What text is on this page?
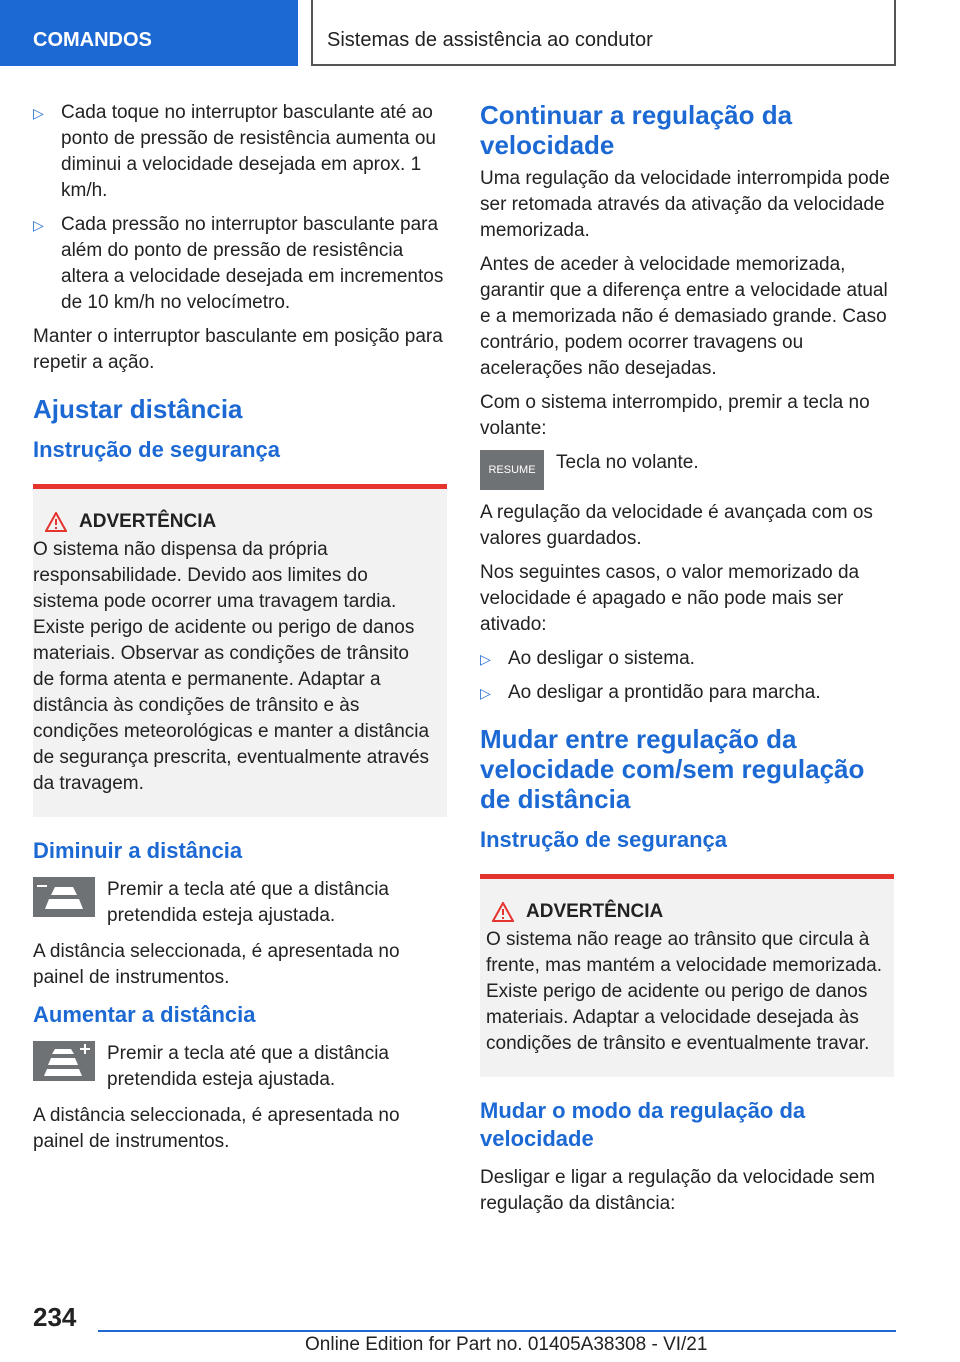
COMANDOS	Sistemas de assistência ao condutor
▷ Cada toque no interruptor basculante até ao ponto de pressão de resistência aumenta ou diminui a velocidade desejada em aprox. 1 km/h.
▷ Cada pressão no interruptor basculante para além do ponto de pressão de resistência altera a velocidade desejada em incrementos de 10 km/h no velocímetro.

Manter o interruptor basculante em posição para repetir a ação.

Ajustar distância
Instrução de segurança
ADVERTÊNCIA

O sistema não dispensa da própria responsabilidade. Devido aos limites do sistema pode ocorrer uma travagem tardia. Existe perigo de acidente ou perigo de danos materiais. Observar as condições de trânsito de forma atenta e permanente. Adaptar a distância às condições de trânsito e às condições meteorológicas e manter a distância de segurança prescrita, eventualmente através da travagem.

Diminuir a distância

Premir a tecla até que a distância pretendida esteja ajustada.

A distância seleccionada, é apresentada no painel de instrumentos.

Aumentar a distância

Premir a tecla até que a distância pretendida esteja ajustada.

A distância seleccionada, é apresentada no painel de instrumentos.

Continuar a regulação da velocidade

Uma regulação da velocidade interrompida pode ser retomada através da ativação da velocidade memorizada.

Antes de aceder à velocidade memorizada, garantir que a diferença entre a velocidade atual e a memorizada não é demasiado grande. Caso contrário, podem ocorrer travagens ou acelerações não desejadas.

Com o sistema interrompido, premir a tecla no volante:

RESUME Tecla no volante.

A regulação da velocidade é avançada com os valores guardados.

Nos seguintes casos, o valor memorizado da velocidade é apagado e não pode mais ser ativado:

▷ Ao desligar o sistema.
▷ Ao desligar a prontidão para marcha.
Mudar entre regulação da velocidade com/sem regulação de distância
Instrução de segurança
ADVERTÊNCIA

O sistema não reage ao trânsito que circula à frente, mas mantém a velocidade memorizada. Existe perigo de acidente ou perigo de danos materiais. Adaptar a velocidade desejada às condições de trânsito e eventualmente travar.

Mudar o modo da regulação da velocidade

Desligar e ligar a regulação da velocidade sem regulação da distância:

234
Online Edition for Part no. 01405A38308 - VI/21
